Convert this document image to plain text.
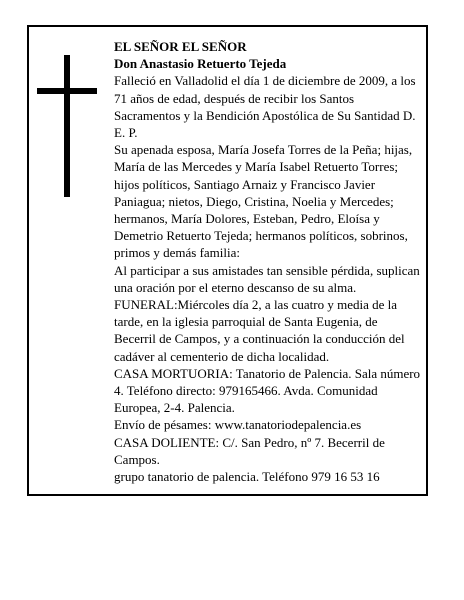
EL SEÑOR EL SEÑOR

Don Anastasio Retuerto Tejeda

Falleció en Valladolid el día 1 de diciembre de 2009, a los 71 años de edad, después de recibir los Santos Sacramentos y la Bendición Apostólica de Su Santidad D. E. P.

Su apenada esposa, María Josefa Torres de la Peña; hijas, María de las Mercedes y María Isabel Retuerto Torres; hijos políticos, Santiago Arnaiz y Francisco Javier Paniagua; nietos, Diego, Cristina, Noelia y Mercedes; hermanos, María Dolores, Esteban, Pedro, Eloísa y Demetrio Retuerto Tejeda; hermanos políticos, sobrinos, primos y demás familia:

Al participar a sus amistades tan sensible pérdida, suplican una oración por el eterno descanso de su alma.

FUNERAL:Miércoles día 2, a las cuatro y media de la tarde, en la iglesia parroquial de Santa Eugenia, de Becerril de Campos, y a continuación la conducción del cadáver al cementerio de dicha localidad.

CASA MORTUORIA: Tanatorio de Palencia. Sala número 4. Teléfono directo: 979165466. Avda. Comunidad Europea, 2-4. Palencia.

Envío de pésames: www.tanatoriodepalencia.es

CASA DOLIENTE: C/. San Pedro, nº 7. Becerril de Campos.

grupo tanatorio de palencia. Teléfono 979 16 53 16
